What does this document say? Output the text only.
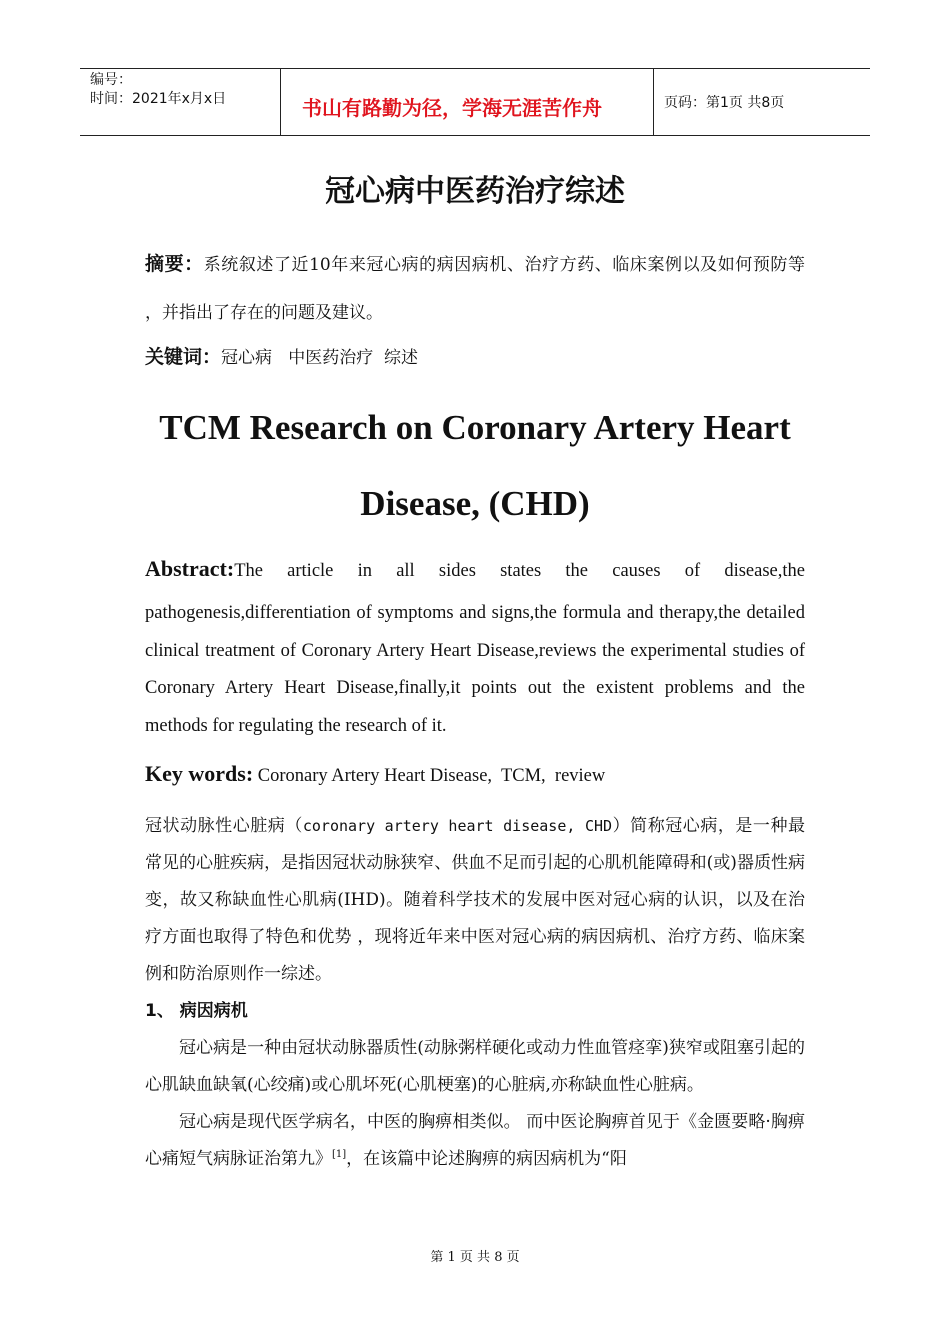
编号：
时间：2021年x月x日	书山有路勤为径，学海无涯苦作舟	页码：第1页 共8页
冠心病中医药治疗综述
摘要：系统叙述了近10年来冠心病的病因病机、治疗方药、临床案例以及如何预防等 ，并指出了存在的问题及建议。
关键词：冠心病   中医药治疗  综述
TCM Research on Coronary Artery Heart
Disease, (CHD)
Abstract:The article in all sides states the causes of disease,the
pathogenesis,differentiation of symptoms and signs,the formula and therapy,the detailed clinical treatment of Coronary Artery Heart Disease,reviews the experimental studies of Coronary Artery Heart Disease,finally,it points out the existent problems and the methods for regulating the research of it.
Key words: Coronary Artery Heart Disease,  TCM,  review

冠状动脉性心脏病（coronary artery heart disease, CHD）简称冠心病，是一种最常见的心脏疾病，是指因冠状动脉狭窄、供血不足而引起的心肌机能障碍和(或)器质性病变，故又称缺血性心肌病(IHD)。随着科学技术的发展中医对冠心病的认识，以及在治疗方面也取得了特色和优势 ，现将近年来中医对冠心病的病因病机、治疗方药、临床案例和防治原则作一综述。

1、 病因病机

冠心病是一种由冠状动脉器质性(动脉粥样硬化或动力性血管痉挛)狭窄或阻塞引起的心肌缺血缺氧(心绞痛)或心肌坏死(心肌梗塞)的心脏病,亦称缺血性心脏病。

冠心病是现代医学病名，中医的胸痹相类似。 而中医论胸痹首见于《金匮要略·胸痹心痛短气病脉证治第九》[1]，在该篇中论述胸痹的病因病机为“阳

第 1 页 共 8 页
